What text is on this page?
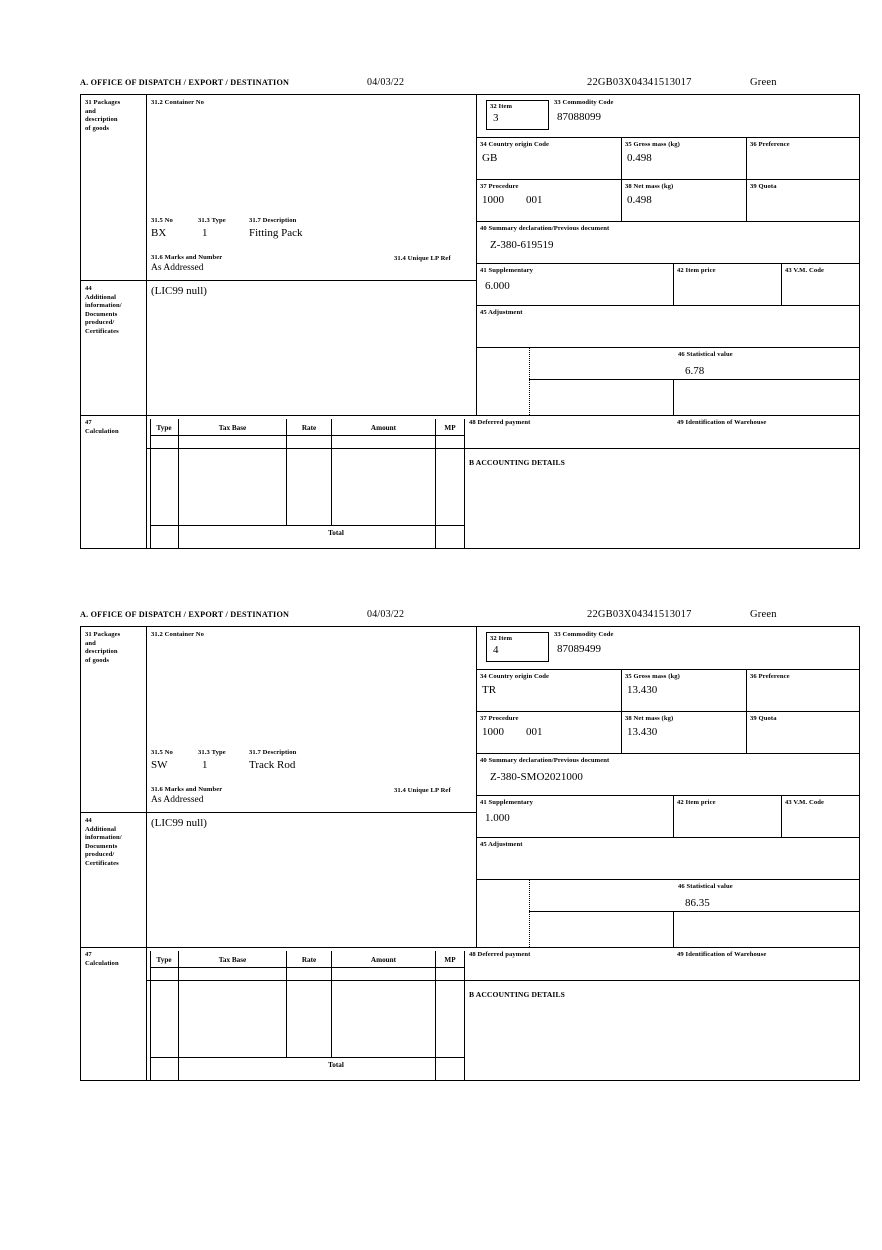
A. OFFICE OF DISPATCH / EXPORT / DESTINATION	04/03/22	22GB03X04341513017	Green
31 Packages
and
description
of goods
31.2 Container No
31.5 No
BX
31.3 Type
1
31.7 Description
Fitting Pack
31.6 Marks and Number
As Addressed
31.4 Unique LP Ref
32 Item
3
33 Commodity Code
87088099
34 Country origin Code
GB
35 Gross mass (kg)
0.498
36 Preference
37 Procedure
1000        001
38 Net mass (kg)
0.498
39 Quota
40 Summary declaration/Previous document
Z-380-619519
41 Supplementary
6.000
42 Item price	43 V.M. Code
44
Additional
information/
Documents
produced/
Certificates
(LIC99 null)
45 Adjustment
46 Statistical value
6.78
47
Calculation	Type	Tax Base	Rate	Amount	MP
Total
48 Deferred payment	49 Identification of Warehouse
B ACCOUNTING DETAILS
A. OFFICE OF DISPATCH / EXPORT / DESTINATION	04/03/22	22GB03X04341513017	Green
31 Packages
and
description
of goods
31.2 Container No
31.5 No
SW
31.3 Type
1
31.7 Description
Track Rod
31.6 Marks and Number
As Addressed
31.4 Unique LP Ref
32 Item
4
33 Commodity Code
87089499
34 Country origin Code
TR
35 Gross mass (kg)
13.430
36 Preference
37 Procedure
1000        001
38 Net mass (kg)
13.430
39 Quota
40 Summary declaration/Previous document
Z-380-SMO2021000
41 Supplementary
1.000
42 Item price	43 V.M. Code
44
Additional
information/
Documents
produced/
Certificates
(LIC99 null)
45 Adjustment
46 Statistical value
86.35
47
Calculation	Type	Tax Base	Rate	Amount	MP
Total
48 Deferred payment	49 Identification of Warehouse
B ACCOUNTING DETAILS
